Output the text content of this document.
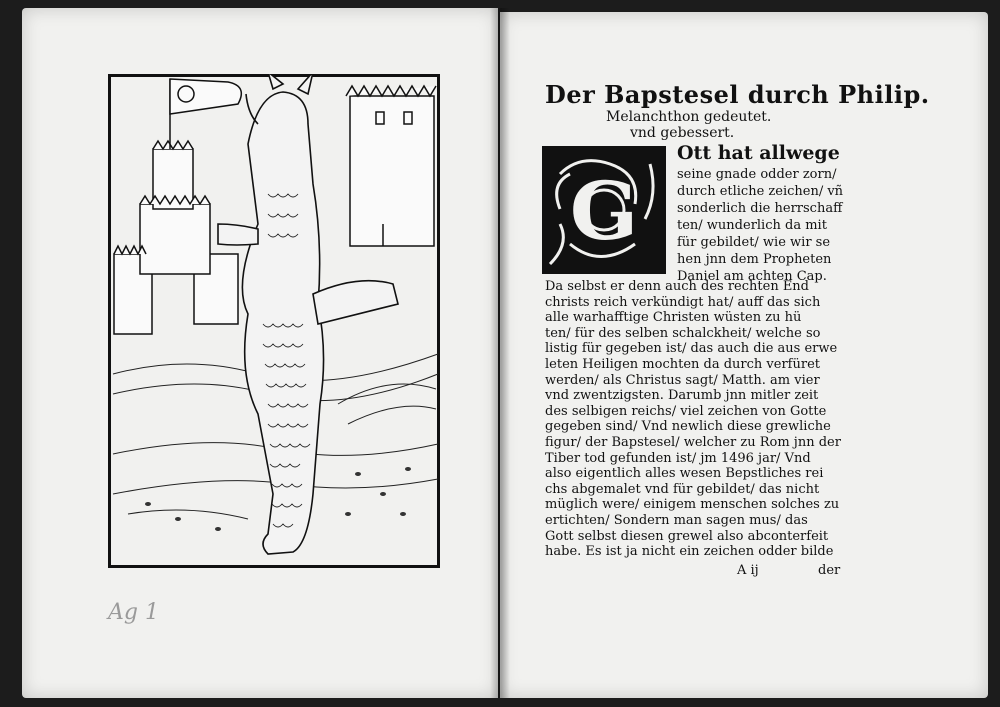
Ag 1
Der Bapstesel durch Philip.
Melanchthon gedeutet.
vnd gebessert.
G
Ott hat allwege
seine gnade odder zorn/
durch etliche zeichen/ vñ
sonderlich die herrschaff
ten/ wunderlich da mit
für gebildet/ wie wir se
hen jnn dem Propheten
Daniel am achten Cap.
Da selbst er denn auch des rechten End
christs reich verkündigt hat/ auff das sich
alle warhafftige Christen wüsten zu hü
ten/ für des selben schalckheit/ welche so
listig für gegeben ist/ das auch die aus erwe
leten Heiligen mochten da durch verfüret
werden/ als Christus sagt/ Matth. am vier
vnd zwentzigsten. Darumb jnn mitler zeit
des selbigen reichs/ viel zeichen von Gotte
gegeben sind/ Vnd newlich diese grewliche
figur/ der Bapstesel/ welcher zu Rom jnn der
Tiber tod gefunden ist/ jm 1496 jar/ Vnd
also eigentlich alles wesen Bepstliches rei
chs abgemalet vnd für gebildet/ das nicht
müglich were/ einigem menschen solches zu
ertichten/ Sondern man sagen mus/ das
Gott selbst diesen grewel also abconterfeit
habe. Es ist ja nicht ein zeichen odder bilde
A ij	der
